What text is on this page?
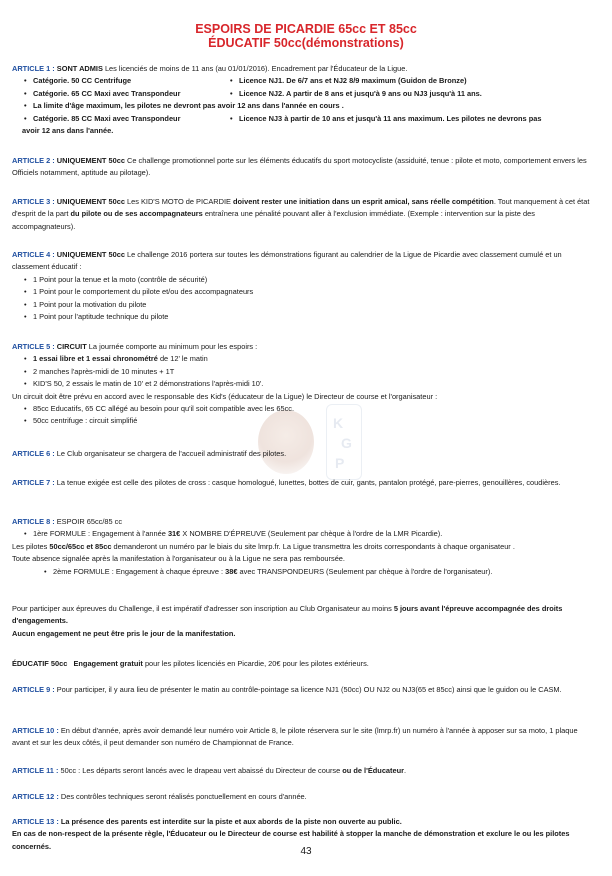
ESPOIRS DE PICARDIE 65cc ET 85cc
ÉDUCATIF 50cc(démonstrations)
K
G
P
ARTICLE 1 : SONT ADMIS Les licenciés de moins de 11 ans (au 01/01/2016). Encadrement par l'Éducateur de la Ligue.
• Catégorie. 50 CC Centrifuge	• Licence NJ1. De 6/7 ans et NJ2 8/9 maximum (Guidon de Bronze)
• Catégorie. 65 CC Maxi avec Transpondeur	• Licence NJ2. A partir de 8 ans et jusqu'à 9 ans ou NJ3 jusqu'à 11 ans.
• La limite d'âge maximum, les pilotes ne devront pas avoir 12 ans dans l'année en cours .
• Catégorie. 85 CC Maxi avec Transpondeur	• Licence NJ3 à partir de 10 ans et jusqu'à 11 ans maximum. Les pilotes ne devrons pas
avoir 12 ans dans l'année.
ARTICLE 2 : UNIQUEMENT 50cc Ce challenge promotionnel porte sur les éléments éducatifs du sport motocycliste (assiduité, tenue : pilote et moto, comportement envers les Officiels notamment, aptitude au pilotage).
ARTICLE 3 : UNIQUEMENT 50cc Les KID'S MOTO de PICARDIE doivent rester une initiation dans un esprit amical, sans réelle compétition. Tout manquement à cet état d'esprit de la part du pilote ou de ses accompagnateurs entraînera une pénalité pouvant aller à l'exclusion immédiate. (Exemple : intervention sur la piste des accompagnateurs).
ARTICLE 4 : UNIQUEMENT 50cc Le challenge 2016 portera sur toutes les démonstrations figurant au calendrier de la Ligue de Picardie avec classement cumulé et un classement éducatif :
• 1 Point pour la tenue et la moto (contrôle de sécurité)
• 1 Point pour le comportement du pilote et/ou des accompagnateurs
• 1 Point pour la motivation du pilote
• 1 Point pour l'aptitude technique du pilote
ARTICLE 5 : CIRCUIT La journée comporte au minimum pour les espoirs :
• 1 essai libre et 1 essai chronométré de 12' le matin
• 2 manches l'après-midi de 10 minutes + 1T
• KID'S 50, 2 essais le matin de 10' et 2 démonstrations l'après-midi 10'.
Un circuit doit être prévu en accord avec le responsable des Kid's (éducateur de la Ligue) le Directeur de course et l'organisateur :
• 85cc Educatifs, 65 CC allégé au besoin pour qu'il soit compatible avec les 65cc.
• 50cc centrifuge : circuit simplifié
ARTICLE 6 : Le Club organisateur se chargera de l'accueil administratif des pilotes.
ARTICLE 7 : La tenue exigée est celle des pilotes de cross : casque homologué, lunettes, bottes de cuir, gants, pantalon protégé, pare-pierres, genouillères, coudières.
ARTICLE 8 : ESPOIR 65cc/85 cc
• 1ère FORMULE : Engagement à l'année 31€ X NOMBRE D'ÉPREUVE (Seulement par chèque à l'ordre de la LMR Picardie).
Les pilotes 50cc/65cc et 85cc demanderont un numéro par le biais du site lmrp.fr. La Ligue transmettra les droits correspondants à chaque organisateur .
Toute absence signalée après la manifestation à l'organisateur ou à la Ligue ne sera pas remboursée.
• 2ème FORMULE : Engagement à chaque épreuve : 38€ avec TRANSPONDEURS (Seulement par chèque à l'ordre de l'organisateur).
Pour participer aux épreuves du Challenge, il est impératif d'adresser son inscription au Club Organisateur au moins 5 jours avant l'épreuve accompagnée des droits d'engagements.
Aucun engagement ne peut être pris le jour de la manifestation.
ÉDUCATIF 50cc Engagement gratuit pour les pilotes licenciés en Picardie, 20€ pour les pilotes extérieurs.
ARTICLE 9 : Pour participer, il y aura lieu de présenter le matin au contrôle-pointage sa licence NJ1 (50cc) OU NJ2 ou NJ3(65 et 85cc) ainsi que le guidon ou le CASM.
ARTICLE 10 : En début d'année, après avoir demandé leur numéro voir Article 8, le pilote réservera sur le site (lmrp.fr) un numéro à l'année à apposer sur sa moto, 1 plaque avant et sur les deux côtés, il peut demander son numéro de Championnat de France.
ARTICLE 11 : 50cc : Les départs seront lancés avec le drapeau vert abaissé du Directeur de course ou de l'Éducateur.
ARTICLE 12 : Des contrôles techniques seront réalisés ponctuellement en cours d'année.
ARTICLE 13 : La présence des parents est interdite sur la piste et aux abords de la piste non ouverte au public.
En cas de non-respect de la présente règle, l'Éducateur ou le Directeur de course est habilité à stopper la manche de démonstration et exclure le ou les pilotes concernés.	43
